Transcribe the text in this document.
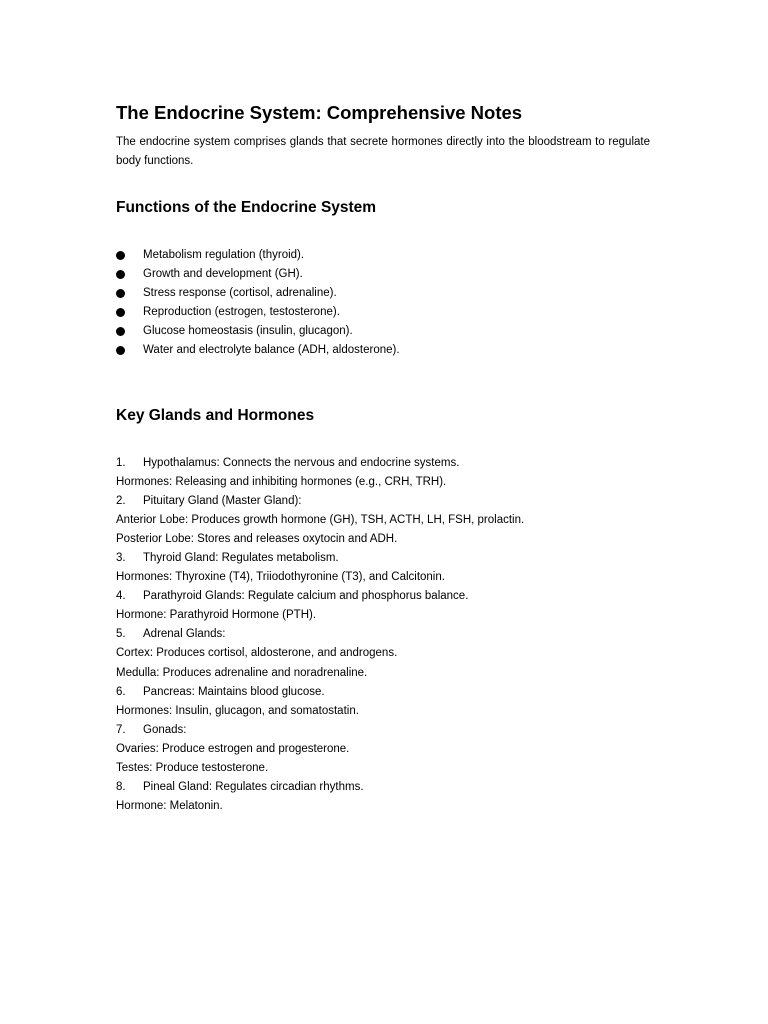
The Endocrine System: Comprehensive Notes

The endocrine system comprises glands that secrete hormones directly into the bloodstream to regulate body functions.

Functions of the Endocrine System
Metabolism regulation (thyroid).
Growth and development (GH).
Stress response (cortisol, adrenaline).
Reproduction (estrogen, testosterone).
Glucose homeostasis (insulin, glucagon).
Water and electrolyte balance (ADH, aldosterone).
Key Glands and Hormones
1. Hypothalamus: Connects the nervous and endocrine systems.
Hormones: Releasing and inhibiting hormones (e.g., CRH, TRH).
2. Pituitary Gland (Master Gland):
Anterior Lobe: Produces growth hormone (GH), TSH, ACTH, LH, FSH, prolactin.
Posterior Lobe: Stores and releases oxytocin and ADH.
3. Thyroid Gland: Regulates metabolism.
Hormones: Thyroxine (T4), Triiodothyronine (T3), and Calcitonin.
4. Parathyroid Glands: Regulate calcium and phosphorus balance.
Hormone: Parathyroid Hormone (PTH).
5. Adrenal Glands:
Cortex: Produces cortisol, aldosterone, and androgens.
Medulla: Produces adrenaline and noradrenaline.
6. Pancreas: Maintains blood glucose.
Hormones: Insulin, glucagon, and somatostatin.
7. Gonads:
Ovaries: Produce estrogen and progesterone.
Testes: Produce testosterone.
8. Pineal Gland: Regulates circadian rhythms.
Hormone: Melatonin.
